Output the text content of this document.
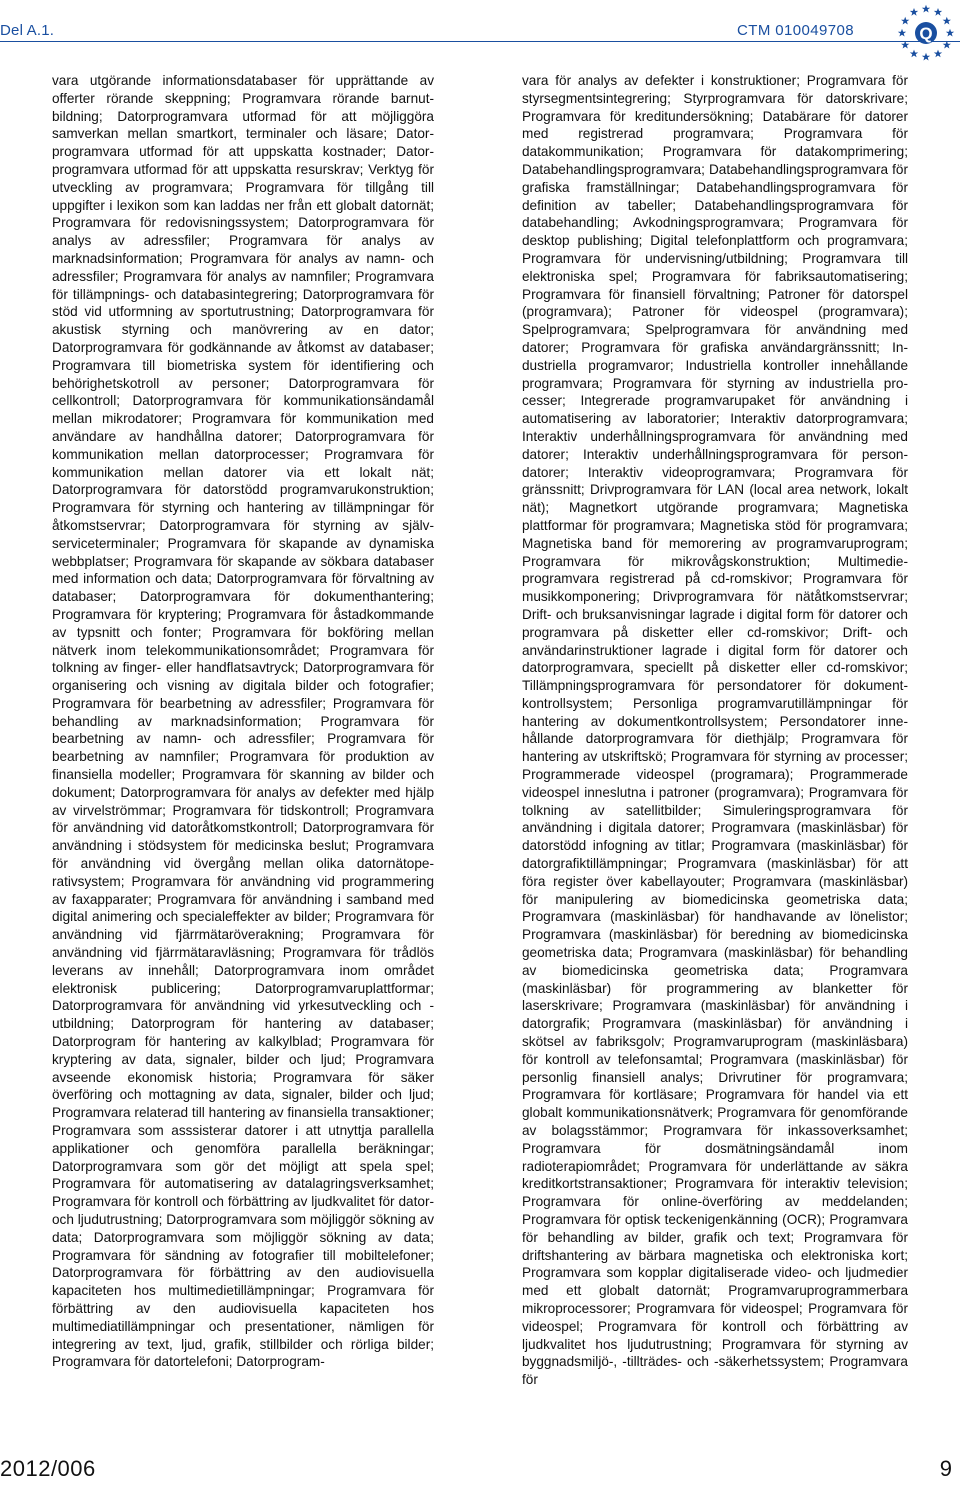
Del A.1.	CTM 010049708	Q

vara utgörande informationsdatabaser för upprättande av offerter rörande skeppning; Programvara rörande barnutbildning; Datorprogramvara utformad för att möjliggöra samverkan mellan smartkort, terminaler och läsare; Datorprogramvara utformad för att uppskatta kostnader; Datorprogramvara utformad för att uppskatta resurskrav; Verktyg för utveckling av programvara; Programvara för tillgång till uppgifter i lexikon som kan laddas ner från ett globalt datornät; Programvara för redovisningssystem; Datorprogramvara för analys av adressfiler; Programvara för analys av marknadsinformation; Programvara för analys av namn- och adressfiler; Programvara för analys av namnfiler; Programvara för tillämpnings- och databasintegrering; Datorprogramvara för stöd vid utformning av sportutrustning; Datorprogramvara för akustisk styrning och manövrering av en dator; Datorprogramvara för godkännande av åtkomst av databaser; Programvara till biometriska system för identifiering och behörighetskotroll av personer; Datorprogramvara för cellkontroll; Datorprogramvara för kommunikationsändamål mellan mikrodatorer; Programvara för kommunikation med användare av handhållna datorer; Datorprogramvara för kommunikation mellan datorprocesser; Programvara för kommunikation mellan datorer via ett lokalt nät; Datorprogramvara för datorstödd programvarukonstruktion; Programvara för styrning och hantering av tillämpningar för åtkomstservrar; Datorprogramvara för styrning av själv-serviceterminaler; Programvara för skapande av dynamiska webbplatser; Programvara för skapande av sökbara databaser med information och data; Datorprogramvara för förvaltning av databaser; Datorprogramvara för dokumenthantering; Programvara för kryptering; Programvara för åstadkommande av typsnitt och fonter; Programvara för bokföring mellan nätverk inom telekommunikationsområdet; Programvara för tolkning av finger- eller handflatsavtryck; Datorprogramvara för organisering och visning av digitala bilder och fotografier; Programvara för bearbetning av adressfiler; Programvara för behandling av marknadsinformation; Programvara för bearbetning av namn- och adressfiler; Programvara för bearbetning av namnfiler; Programvara för produktion av finansiella modeller; Programvara för skanning av bilder och dokument; Datorprogramvara för analys av defekter med hjälp av virvelströmmar; Programvara för tidskontroll; Programvara för användning vid datoråtkomstkontroll; Datorprogramvara för användning i stödsystem för medicinska beslut; Programvara för användning vid övergång mellan olika datornätoperativsystem; Programvara för användning vid programmering av faxapparater; Programvara för användning i samband med digital animering och specialeffekter av bilder; Programvara för användning vid fjärrmätaröverakning; Programvara för användning vid fjärrmätaravläsning; Programvara för trådlös leverans av innehåll; Datorprogramvara inom området elektronisk publicering; Datorprogramvaruplattformar; Datorprogramvara för användning vid yrkesutveckling och -utbildning; Datorprogram för hantering av databaser; Datorprogram för hantering av kalkylblad; Programvara för kryptering av data, signaler, bilder och ljud; Programvara avseende ekonomisk historia; Programvara för säker överföring och mottagning av data, signaler, bilder och ljud; Programvara relaterad till hantering av finansiella transaktioner; Programvara som asssisterar datorer i att utnyttja parallella applikationer och genomföra parallella beräkningar; Datorprogramvara som gör det möjligt att spela spel; Programvara för automatisering av datalagringsverksamhet; Programvara för kontroll och förbättring av ljudkvalitet för dator- och ljudutrustning; Datorprogramvara som möjliggör sökning av data; Datorprogramvara som möjliggör sökning av data; Programvara för sändning av fotografier till mobiltelefoner; Datorprogramvara för förbättring av den audiovisuella kapaciteten hos multimedietillämpningar; Programvara för förbättring av den audiovisuella kapaciteten hos multimediatillämpningar och presentationer, nämligen för integrering av text, ljud, grafik, stillbilder och rörliga bilder; Programvara för datortelefoni; Datorprogram-

vara för analys av defekter i konstruktioner; Programvara för styrsegmentsintegrering; Styrprogramvara för datorskrivare; Programvara för kreditundersökning; Databärare för datorer med registrerad programvara; Programvara för datakommunikation; Programvara för datakomprimering; Databehandlingsprogramvara; Databehandlingsprogramvara för grafiska framställningar; Databehandlingsprogramvara för definition av tabeller; Databehandlingsprogramvara för databehandling; Avkodningsprogramvara; Programvara för desktop publishing; Digital telefonplattform och programvara; Programvara för undervisning/utbildning; Programvara till elektroniska spel; Programvara för fabriksautomatisering; Programvara för finansiell förvaltning; Patroner för datorspel (programvara); Patroner för videospel (programvara); Spelprogramvara; Spelprogramvara för användning med datorer; Programvara för grafiska användargränssnitt; Industriella programvaror; Industriella kontroller innehållande programvara; Programvara för styrning av industriella processer; Integrerade programvarupaket för användning i automatisering av laboratorier; Interaktiv datorprogramvara; Interaktiv underhållningsprogramvara för användning med datorer; Interaktiv underhållningsprogramvara för persondatorer; Interaktiv videoprogramvara; Programvara för gränssnitt; Drivprogramvara för LAN (local area network, lokalt nät); Magnetkort utgörande programvara; Magnetiska plattformar för programvara; Magnetiska stöd för programvara; Magnetiska band för memorering av programvaruprogram; Programvara för mikrovågskonstruktion; Multimedieprogramvara registrerad på cd-romskivor; Programvara för musikkomponering; Drivprogramvara för nätåtkomstservrar; Drift- och bruksanvisningar lagrade i digital form för datorer och programvara på disketter eller cd-romskivor; Drift- och användarinstruktioner lagrade i digital form för datorer och datorprogramvara, speciellt på disketter eller cd-romskivor; Tillämpningsprogramvara för persondatorer för dokumentkontrollsystem; Personliga programvarutillämpningar för hantering av dokumentkontrollsystem; Persondatorer innehållande datorprogramvara för diethjälp; Programvara för hantering av utskriftskö; Programvara för styrning av processer; Programmerade videospel (programara); Programmerade videospel inneslutna i patroner (programvara); Programvara för tolkning av satellitbilder; Simuleringsprogramvara för användning i digitala datorer; Programvara (maskinläsbar) för datorstödd infogning av titlar; Programvara (maskinläsbar) för datorgrafiktillämpningar; Programvara (maskinläsbar) för att föra register över kabellayouter; Programvara (maskinläsbar) för manipulering av biomedicinska geometriska data; Programvara (maskinläsbar) för handhavande av lönelistor; Programvara (maskinläsbar) för beredning av biomedicinska geometriska data; Programvara (maskinläsbar) för behandling av biomedicinska geometriska data; Programvara (maskinläsbar) för programmering av blanketter för laserskrivare; Programvara (maskinläsbar) för användning i datorgrafik; Programvara (maskinläsbar) för användning i skötsel av fabriksgolv; Programvaruprogram (maskinläsbara) för kontroll av telefonsamtal; Programvara (maskinläsbar) för personlig finansiell analys; Drivrutiner för programvara; Programvara för kortläsare; Programvara för handel via ett globalt kommunikationsnätverk; Programvara för genomförande av bolagsstämmor; Programvara för inkassoverksamhet; Programvara för dosmätningsändamål inom radioterapiområdet; Programvara för underlättande av säkra kreditkortstransaktioner; Programvara för interaktiv television; Programvara för online-överföring av meddelanden; Programvara för optisk teckenigenkänning (OCR); Programvara för behandling av bilder, grafik och text; Programvara för driftshantering av bärbara magnetiska och elektroniska kort; Programvara som kopplar digitaliserade video- och ljudmedier med ett globalt datornät; Programvaruprogrammerbara mikroprocessorer; Programvara för videospel; Programvara för videospel; Programvara för kontroll och förbättring av ljudkvalitet hos ljudutrustning; Programvara för styrning av byggnadsmiljö-, -tillträdes- och -säkerhetssystem; Programvara för

2012/006	9
